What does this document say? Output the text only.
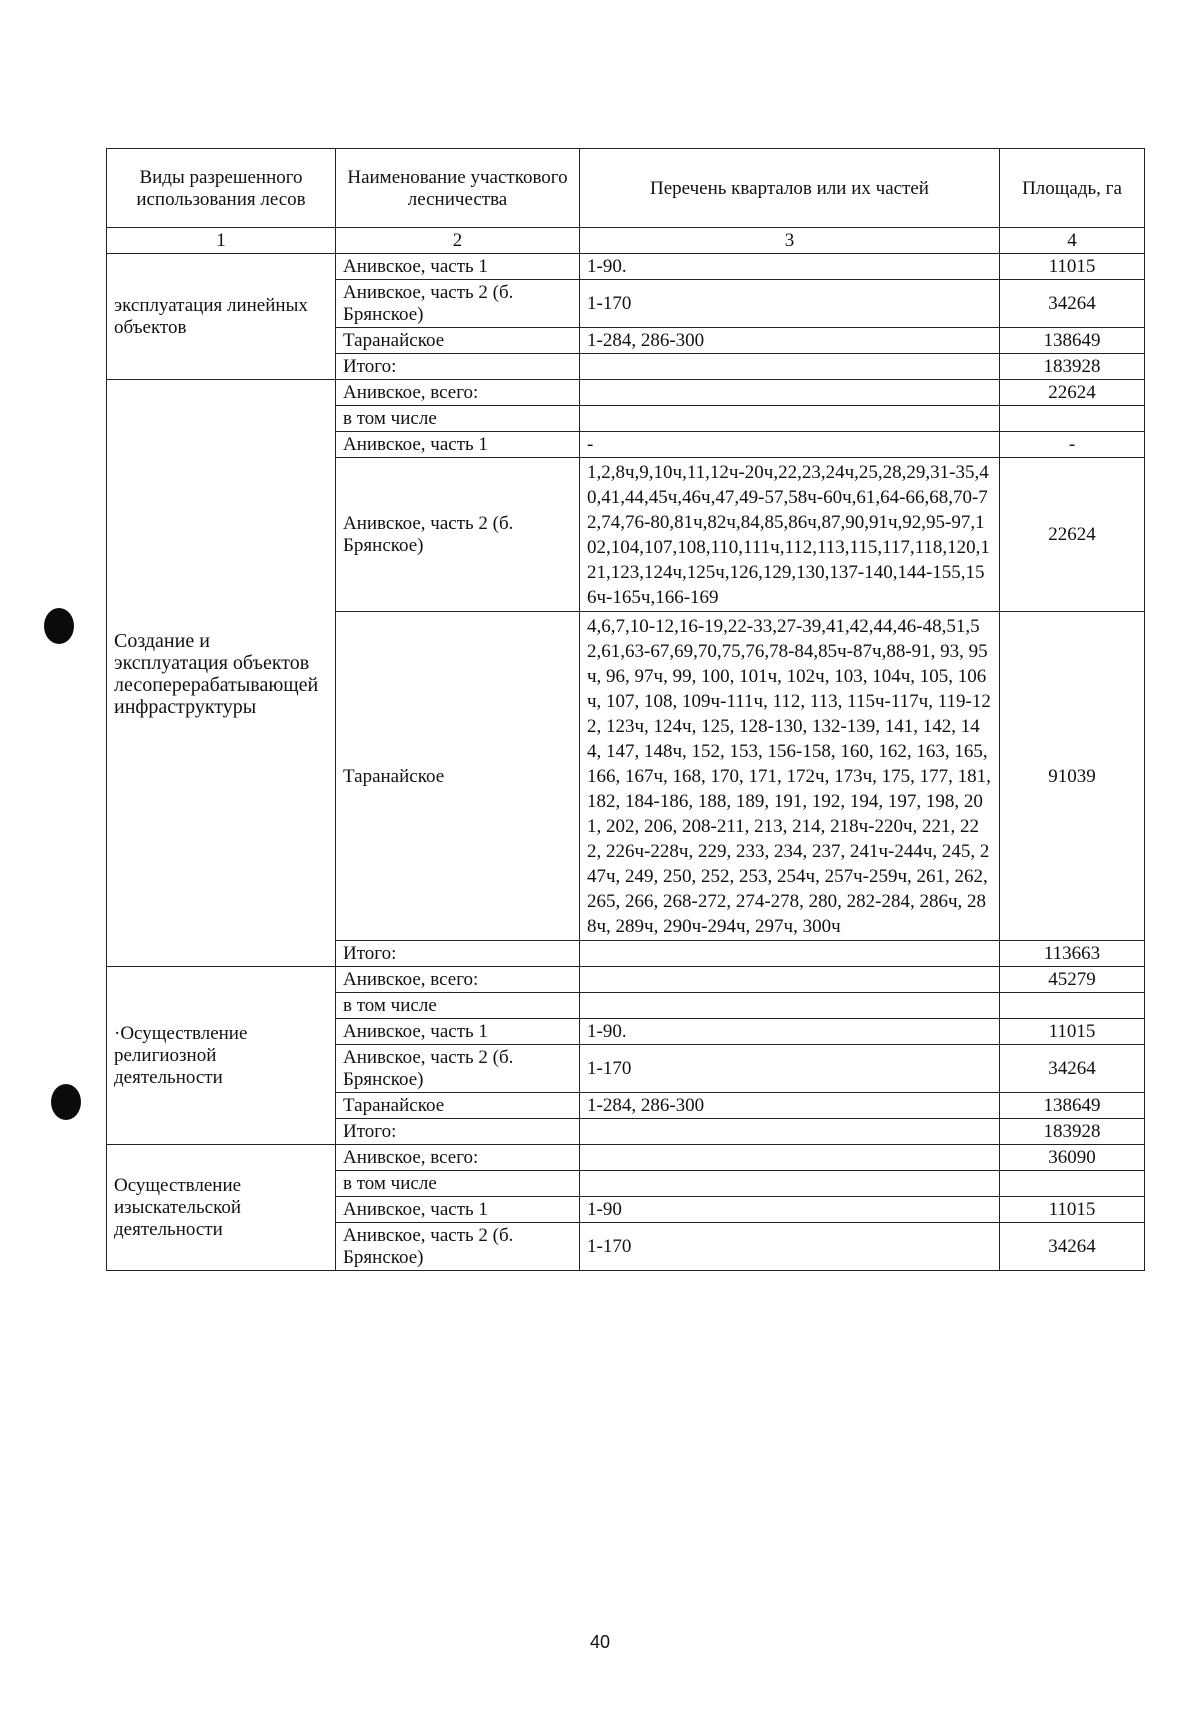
Виды разрешенного использования лесов	Наименование участкового лесничества	Перечень кварталов или их частей	Площадь, га
1	2	3	4
эксплуатация линейных объектов	Анивское, часть 1	1-90.	11015
	Анивское, часть 2 (б. Брянское)	1-170	34264
	Таранайское	1-284, 286-300	138649
	Итого:		183928
Создание и эксплуатация объектов лесоперерабатывающей инфраструктуры	Анивское, всего:		22624
	в том числе		
	Анивское, часть 1	-	-
	Анивское, часть 2 (б. Брянское)	1,2,8ч,9,10ч,11,12ч-20ч,22,23,24ч,25,28,29,31-35,40,41,44,45ч,46ч,47,49-57,58ч-60ч,61,64-66,68,70-72,74,76-80,81ч,82ч,84,85,86ч,87,90,91ч,92,95-97,102,104,107,108,110,111ч,112,113,115,117,118,120,121,123,124ч,125ч,126,129,130,137-140,144-155,156ч-165ч,166-169	22624
	Таранайское	4,6,7,10-12,16-19,22-33,27-39,41,42,44,46-48,51,52,61,63-67,69,70,75,76,78-84,85ч-87ч,88-91, 93, 95ч, 96, 97ч, 99, 100, 101ч, 102ч, 103, 104ч, 105, 106ч, 107, 108, 109ч-111ч, 112, 113, 115ч-117ч, 119-122, 123ч, 124ч, 125, 128-130, 132-139, 141, 142, 144, 147, 148ч, 152, 153, 156-158, 160, 162, 163, 165, 166, 167ч, 168, 170, 171, 172ч, 173ч, 175, 177, 181, 182, 184-186, 188, 189, 191, 192, 194, 197, 198, 201, 202, 206, 208-211, 213, 214, 218ч-220ч, 221, 222, 226ч-228ч, 229, 233, 234, 237, 241ч-244ч, 245, 247ч, 249, 250, 252, 253, 254ч, 257ч-259ч, 261, 262, 265, 266, 268-272, 274-278, 280, 282-284, 286ч, 288ч, 289ч, 290ч-294ч, 297ч, 300ч	91039
	Итого:		113663
·Осуществление религиозной деятельности	Анивское, всего:		45279
	в том числе		
	Анивское, часть 1	1-90.	11015
	Анивское, часть 2 (б. Брянское)	1-170	34264
	Таранайское	1-284, 286-300	138649
	Итого:		183928
Осуществление изыскательской деятельности	Анивское, всего:		36090
	в том числе		
	Анивское, часть 1	1-90	11015
	Анивское, часть 2 (б. Брянское)	1-170	34264
40
